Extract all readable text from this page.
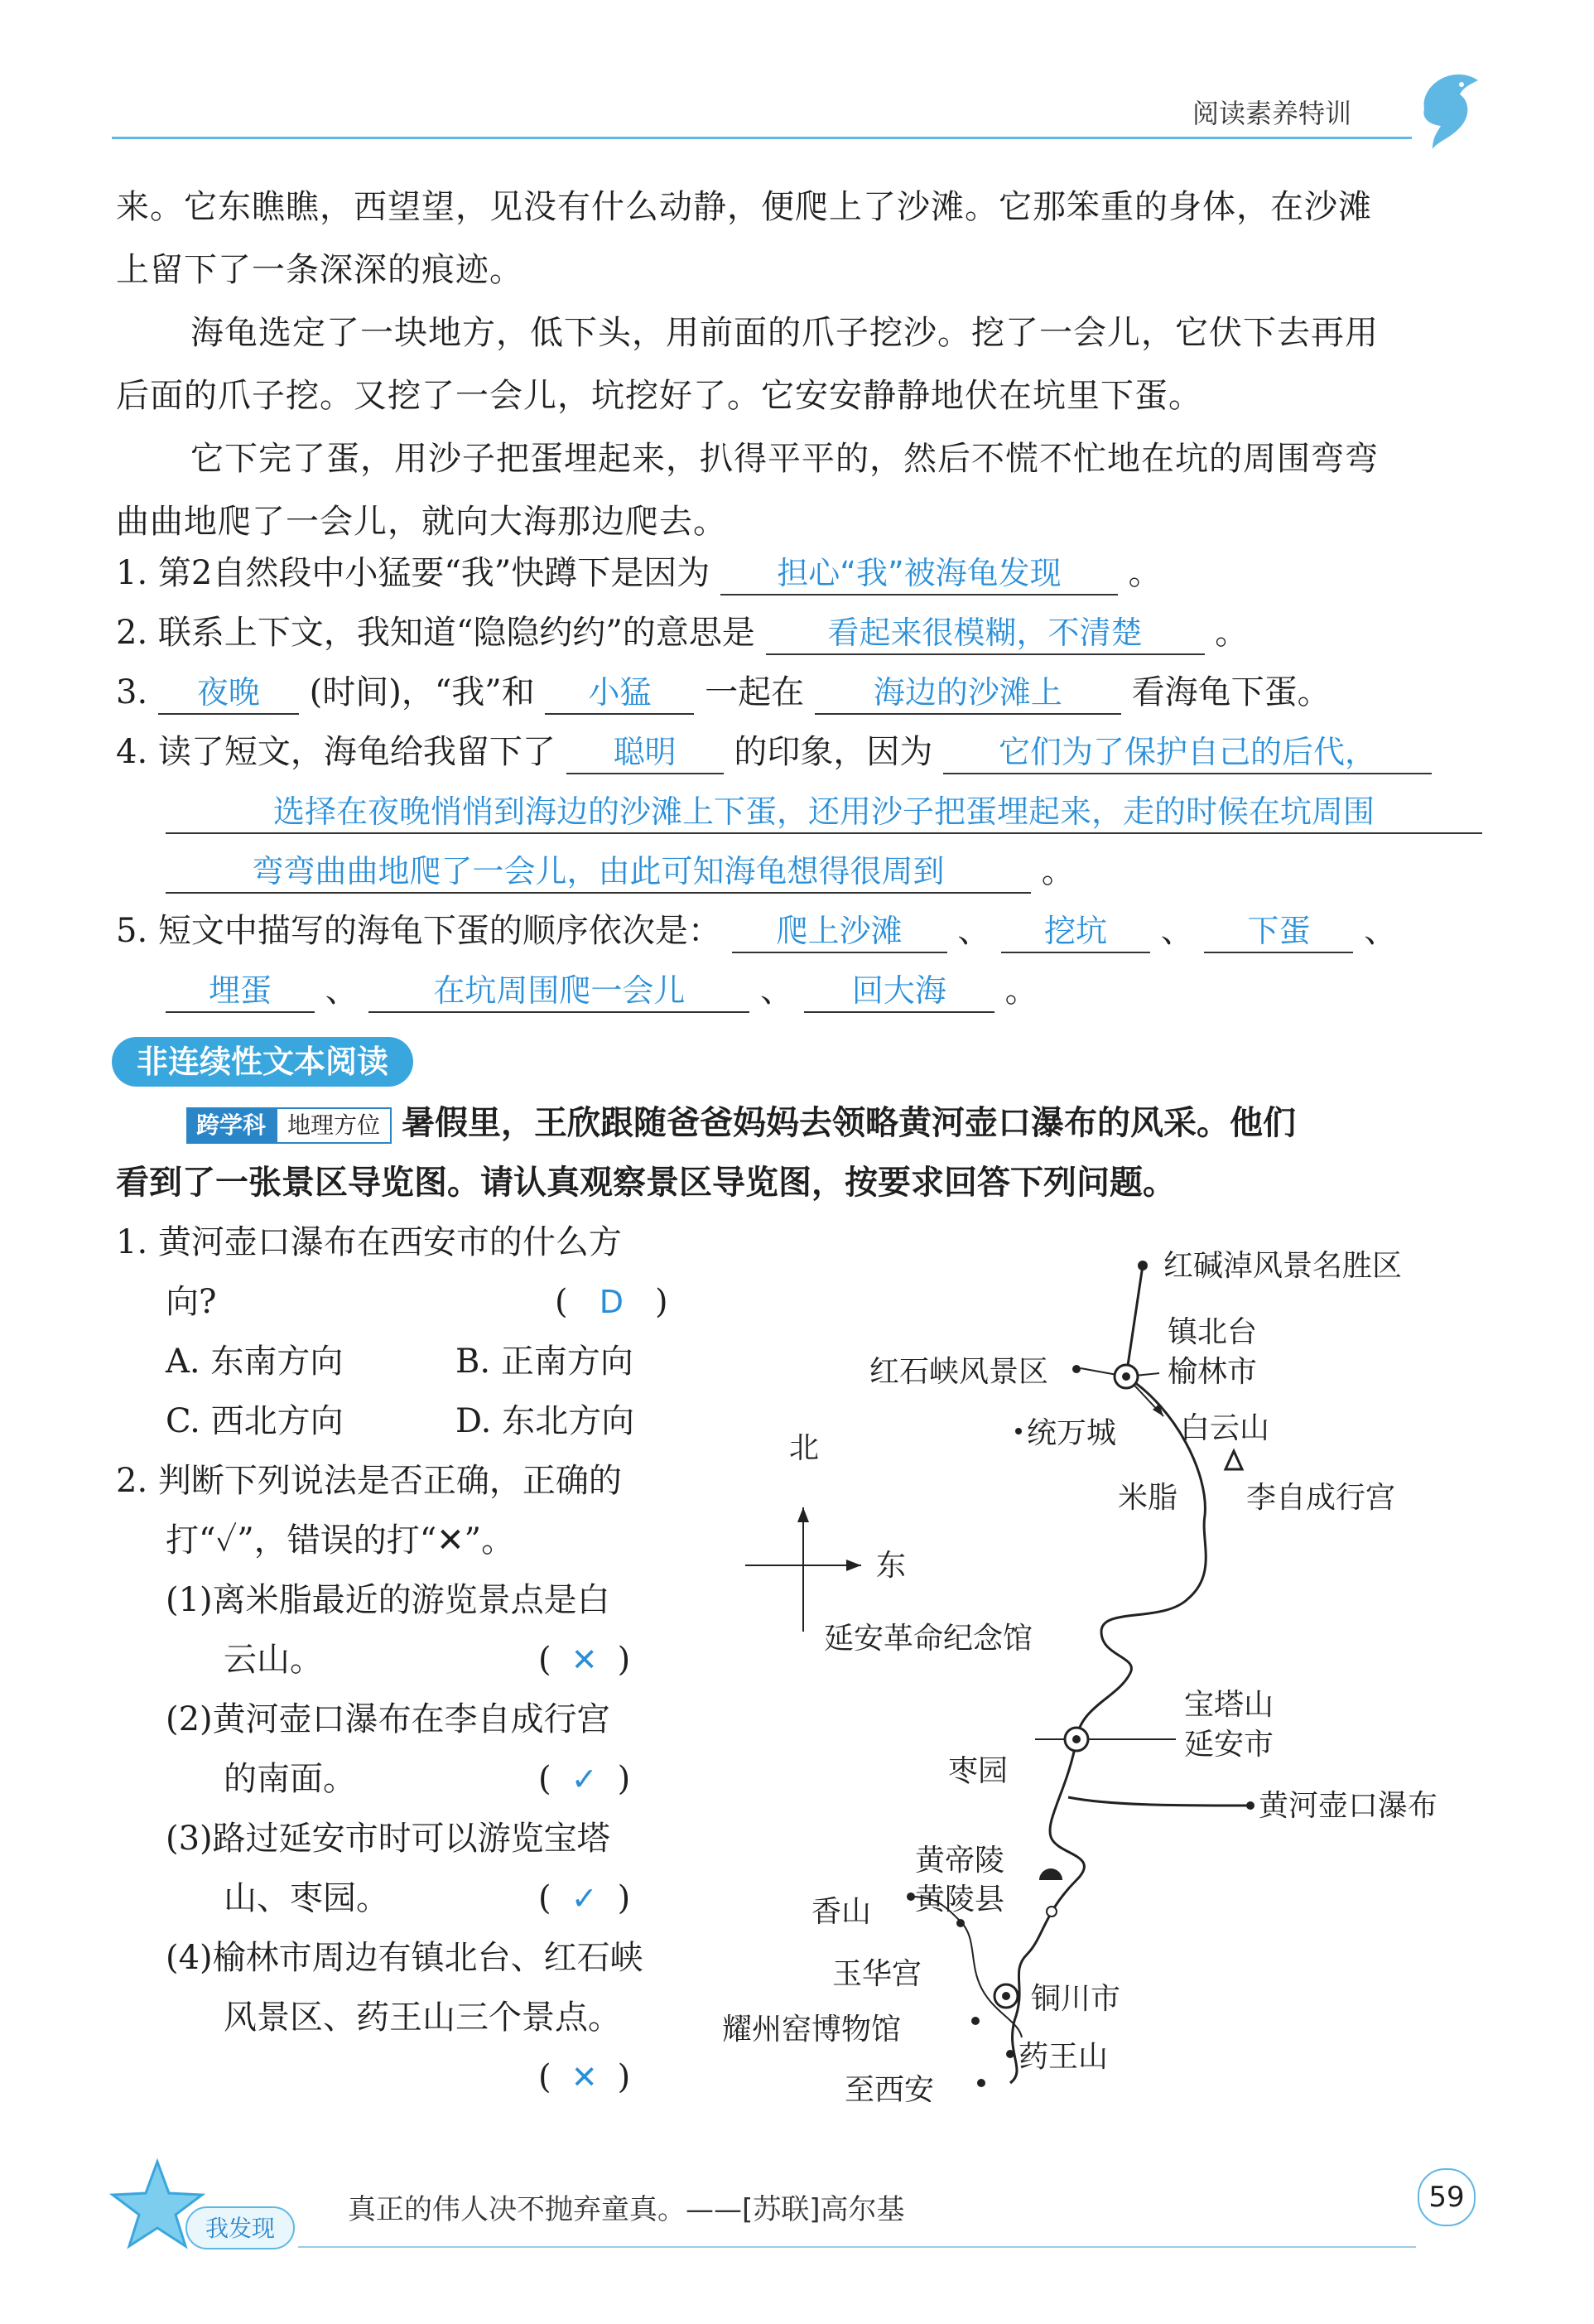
阅读素养特训
来。它东瞧瞧，西望望，见没有什么动静，便爬上了沙滩。它那笨重的身体，在沙滩
上留下了一条深深的痕迹。
海龟选定了一块地方，低下头，用前面的爪子挖沙。挖了一会儿，它伏下去再用
后面的爪子挖。又挖了一会儿，坑挖好了。它安安静静地伏在坑里下蛋。
它下完了蛋，用沙子把蛋埋起来，扒得平平的，然后不慌不忙地在坑的周围弯弯
曲曲地爬了一会儿，就向大海那边爬去。
1. 第2自然段中小猛要“我”快蹲下是因为 担心“我”被海龟发现 。
2. 联系上下文，我知道“隐隐约约”的意思是 看起来很模糊，不清楚 。
3. 夜晚 (时间)，“我”和 小猛 一起在 海边的沙滩上 看海龟下蛋。
4. 读了短文，海龟给我留下了 聪明 的印象，因为 它们为了保护自己的后代，
选择在夜晚悄悄到海边的沙滩上下蛋，还用沙子把蛋埋起来，走的时候在坑周围
弯弯曲曲地爬了一会儿，由此可知海龟想得很周到	。
5. 短文中描写的海龟下蛋的顺序依次是： 爬上沙滩 、 挖坑 、 下蛋 、
埋蛋 、 在坑周围爬一会儿 、 回大海 。
非连续性文本阅读
跨学科 地理方位 暑假里，王欣跟随爸爸妈妈去领略黄河壶口瀑布的风采。他们
看到了一张景区导览图。请认真观察景区导览图，按要求回答下列问题。
1. 黄河壶口瀑布在西安市的什么方
向?	( D )
A. 东南方向	B. 正南方向
C. 西北方向	D. 东北方向
2. 判断下列说法是否正确，正确的
打“✓”，错误的打“✕”。
(1)离米脂最近的游览景点是白
云山。	( ✕ )
(2)黄河壶口瀑布在李自成行宫
的南面。	( ✓ )
(3)路过延安市时可以游览宝塔
山、枣园。	( ✓ )
(4)榆林市周边有镇北台、红石峡
风景区、药王山三个景点。
( ✕ )
北
东
红碱淖风景名胜区
镇北台
榆林市
红石峡风景区
统万城 白云山
米脂 李自成行宫
延安革命纪念馆
宝塔山
延安市
枣园
黄河壶口瀑布
黄帝陵
黄陵县
香山
玉华宫
铜川市
耀州窑博物馆
药王山
至西安
我发现
真正的伟人决不抛弃童真。——[苏联]高尔基	59
